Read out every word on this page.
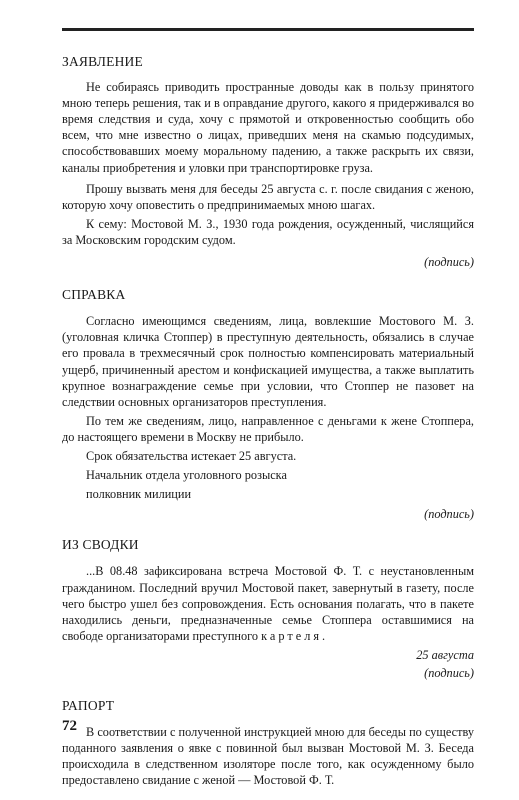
ЗАЯВЛЕНИЕ

Не собираясь приводить пространные доводы как в пользу принятого мною теперь решения, так и в оправдание другого, какого я придерживался во время следствия и суда, хочу с прямотой и откровенностью сообщить обо всем, что мне известно о лицах, приведших меня на скамью подсудимых, способствовавших моему моральному падению, а также раскрыть их связи, каналы приобретения и уловки при транспортировке груза.

Прошу вызвать меня для беседы 25 августа с. г. после свидания с женою, которую хочу оповестить о предпринимаемых мною шагах.

К сему: Мостовой М. З., 1930 года рождения, осужденный, числящийся за Московским городским судом.

(подпись)

СПРАВКА

Согласно имеющимся сведениям, лица, вовлекшие Мостового М. З. (уголовная кличка Стоппер) в преступную деятельность, обязались в случае его провала в трехмесячный срок полностью компенсировать материальный ущерб, причиненный арестом и конфискацией имущества, а также выплатить крупное вознаграждение семье при условии, что Стоппер не пазовет на следствии основных организаторов преступления.

По тем же сведениям, лицо, направленное с деньгами к жене Стоппера, до настоящего времени в Москву не прибыло.

Срок обязательства истекает 25 августа.

Начальник отдела уголовного розыска

полковник милиции

(подпись)

ИЗ СВОДКИ

...В 08.48 зафиксирована встреча Мостовой Ф. Т. с неустановленным гражданином. Последний вручил Мостовой пакет, завернутый в газету, после чего быстро ушел без сопровождения. Есть основания полагать, что в пакете находились деньги, предназначенные семье Стоппера оставшимися на свободе организаторами преступного картеля.

25 августа

(подпись)

РАПОРТ

В соответствии с полученной инструкцией мною для беседы по существу поданного заявления о явке с повинной был вызван Мостовой М. З. Беседа происходила в следственном изоляторе после того, как осужденному было предоставлено свидание с женой — Мостовой Ф. Т.

72
